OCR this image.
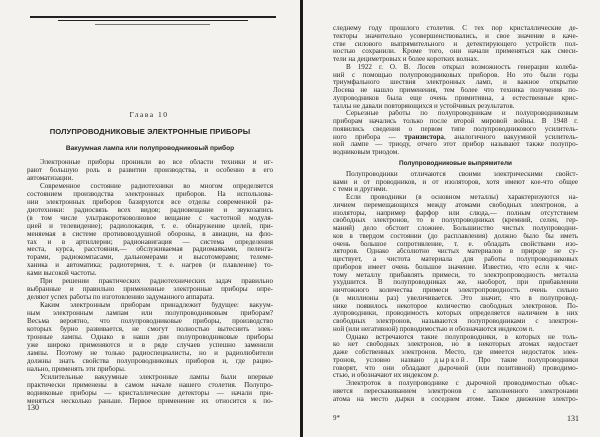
Глава 10
ПОЛУПРОВОДНИКОВЫЕ ЭЛЕКТРОННЫЕ ПРИБОРЫ
Вакуумная лампа или полупроводниковый прибор
Электронные приборы проникли во все области техники и иг-
рают большую роль в развитии производства, и особенно в его
автоматизации.
Современное состояние радиотехники во многом определяется
состоянием производства электронных приборов. На использова-
нии электронных приборов базируются все отделы современной ра-
диотехники: радиосвязь всех видов; радиовещание и звукозапись
(в том числе ультракоротковолновое вещание с частотной модуля-
цией и телевидение); радиолокация, т. е. обнаружение целей, при-
меняемая в системе противовоздушной обороны, в авиации, на фло-
тах и в артиллерии; радионавигация — система определения
места, курса, расстояния,— обслуживаемая радиомаяками, пеленга-
торами, радиокомпасами, дальномерами и высотомерами; телеме-
ханика и автоматика; радиотермия, т. е. нагрев (и плавление) то-
ками высокой частоты.
При решении практических радиотехнических задач правильно
выбранные и правильно примененные электронные приборы опре-
деляют успех работы по изготовлению задуманного аппарата.
Каким электронным приборам принадлежит будущее: вакуум-
ным электронным лампам или полупроводниковым приборам?
Весьма вероятно, что полупроводниковые приборы, производство
которых бурно развивается, не смогут полностью вытеснить элек-
тронные лампы. Однако в наши дни полупроводниковые приборы
уже широко применяются и в ряде случаев успешно заменили
лампы. Поэтому не только радиоспециалисты, но и радиолюбители
должны знать свойства полупроводниковых приборов и, где рацио-
нально, применять эти приборы.
Усилительные вакуумные электронные лампы были впервые
практически применены в самом начале нашего столетия. Полупро-
водниковые приборы — кристаллические детекторы — начали при-
меняться несколько раньше. Первое применение их относится к по-
130
следнему году прошлого столетия. С тех пор кристаллические де-
текторы значительно усовершенствовались, и свое значение в каче-
стве силового выпрямительного и детектирующего устройств пол-
ностью сохранили. Кроме того, они начали применяться как смеси-
тели на дециметровых и более коротких волнах.
В 1922 г. О. В. Лосев открыл возможность генерации колеба-
ний с помощью полупроводниковых приборов. Но это были годы
триумфального шествия электронных ламп, и важное открытие
Лосева не нашло применения, тем более что техника получения по-
лупроводников была еще очень примитивна, а естественные крис-
таллы не давали повторяющихся и устойчивых результатов.
Серьезные работы по полупроводникам и полупроводниковым
приборам начались только после второй мировой войны. В 1948 г.
появились сведения о первом типе полупроводникового усилитель-
ного прибора — транзистора, аналогичного вакуумной усилитель-
ной лампе — триоду, отчего этот прибор называют также полупро-
водниковым триодом.
Полупроводниковые выпрямители
Полупроводники отличаются своими электрическими свойст-
вами и от проводников, и от изоляторов, хотя имеют кое-что общее
с теми и другими.
Если проводники (в основном металлы) характеризуются на-
личием перемещающихся между атомами свободных электронов, а
изоляторы, например фарфор или слюда,— полным отсутствием
свободных электронов, то в полупроводниках (кремний, селен, гер-
маний) дело обстоит сложнее. Большинство чистых полупроводни-
ков в твердом состоянии (до расплавления) должно было бы иметь
очень большое сопротивление, т. е. обладать свойствами изо-
ляторов. Однако абсолютно чистых материалов в природе не су-
ществует, а чистота материала для работы полупроводниковых
приборов имеет очень большое значение. Известно, что если к чис-
тому металлу прибавлять примеси, то электропроводность металла
ухудшится. В полупроводниках же, наоборот, при прибавлении
ничтожного количества примеси электропроводность очень сильно
(в миллионы раз) увеличивается. Это значит, что в полупровод-
нике появилось некоторое количество свободных электронов. По-
лупроводники, проводимость которых определяется наличием в них
свободных электронов, называются полупроводниками с электрон-
ной (или негативной) проводимостью и обозначаются индексом n.
Однако встречаются такие полупроводники, в которых не толь-
ко нет свободных электронов, но в некоторых атомах недостает
даже собственных электронов. Место, где имеется недостаток элек-
тронов, условно названо дыркой. Про такие полупроводники
говорят, что они обладают дырочной (или позитивной) проводимо-
стью, и обозначают их индексом p.
Электроток в полупроводнике с дырочной проводимостью объяс-
няется перескакиванием электронов с заполненного электронами
атома на место дырки в соседнем атоме. Такое движение электро-
9*	131
